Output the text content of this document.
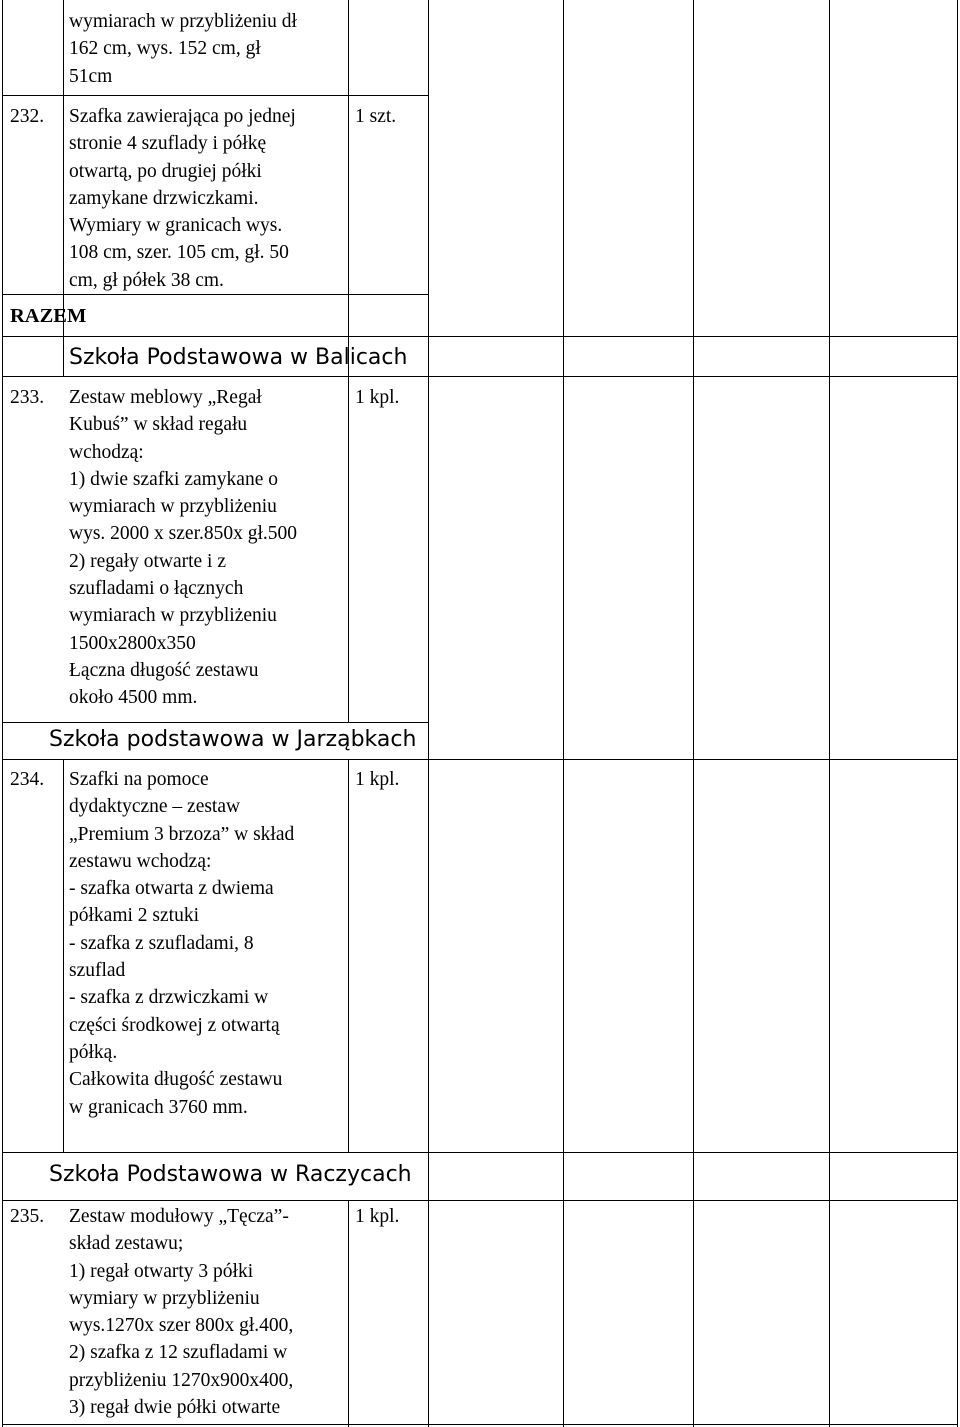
wymiarach w przybliżeniu dł
162 cm, wys. 152 cm, gł
51cm
232. Szafka zawierająca po jednej
stronie 4 szuflady i półkę
otwartą, po drugiej półki
zamykane drzwiczkami.
Wymiary w granicach wys.
108 cm, szer. 105 cm, gł. 50
cm, gł półek 38 cm.
1 szt.
RAZEM
Szkoła Podstawowa w Balicach
233. Zestaw meblowy „Regał
Kubuś” w skład regału
wchodzą:
1) dwie szafki zamykane o
wymiarach w przybliżeniu
wys. 2000 x szer.850x gł.500
2) regały otwarte i z
szufladami o łącznych
wymiarach w przybliżeniu
1500x2800x350
Łączna długość zestawu
około 4500 mm.
1 kpl.
Szkoła podstawowa w Jarząbkach
234. Szafki na pomoce
dydaktyczne – zestaw
„Premium 3 brzoza” w skład
zestawu wchodzą:
- szafka otwarta z dwiema
półkami 2 sztuki
- szafka z szufladami, 8
szuflad
- szafka z drzwiczkami w
części środkowej z otwartą
półką.
Całkowita długość zestawu
w granicach 3760 mm.
1 kpl.
Szkoła Podstawowa w Raczycach
235. Zestaw modułowy „Tęcza”-
skład zestawu;
1) regał otwarty 3 półki
wymiary w przybliżeniu
wys.1270x szer 800x gł.400,
2) szafka z 12 szufladami w
przybliżeniu 1270x900x400,
3) regał dwie półki otwarte
1 kpl.
